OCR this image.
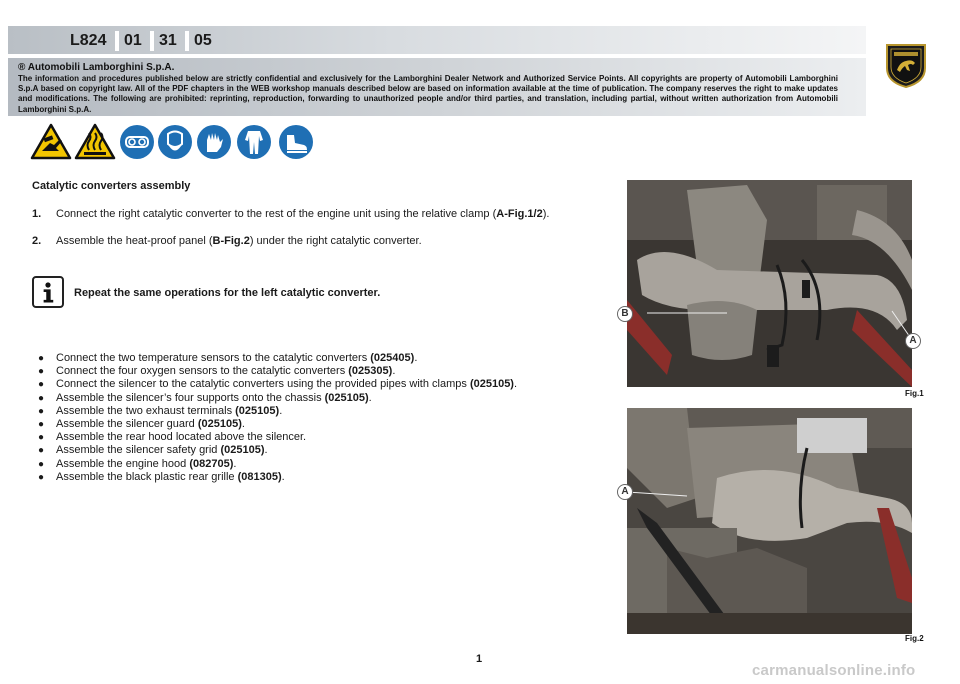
L824 01 31 05
® Automobili Lamborghini S.p.A.
The information and procedures published below are strictly confidential and exclusively for the Lamborghini Dealer Network and Authorized Service Points. All copyrights are property of Automobili Lamborghini S.p.A based on copyright law. All of the PDF chapters in the WEB workshop manuals described below are based on information available at the time of publication. The company reserves the right to make updates and modifications. The following are prohibited: reprinting, reproduction, forwarding to unauthorized people and/or third parties, and translation, including partial, without written authorization from Automobili Lamborghini S.p.A.
Catalytic converters assembly
1. Connect the right catalytic converter to the rest of the engine unit using the relative clamp (A-Fig.1/2).
2. Assemble the heat-proof panel (B-Fig.2) under the right catalytic converter.
Repeat the same operations for the left catalytic converter.
● Connect the two temperature sensors to the catalytic converters (025405).
● Connect the four oxygen sensors to the catalytic converters (025305).
● Connect the silencer to the catalytic converters using the provided pipes with clamps (025105).
● Assemble the silencer’s four supports onto the chassis (025105).
● Assemble the two exhaust terminals (025105).
● Assemble the silencer guard (025105).
● Assemble the rear hood located above the silencer.
● Assemble the silencer safety grid (025105).
● Assemble the engine hood (082705).
● Assemble the black plastic rear grille (081305).
B
A
Fig.1
A
Fig.2
1
carmanualsonline.info
